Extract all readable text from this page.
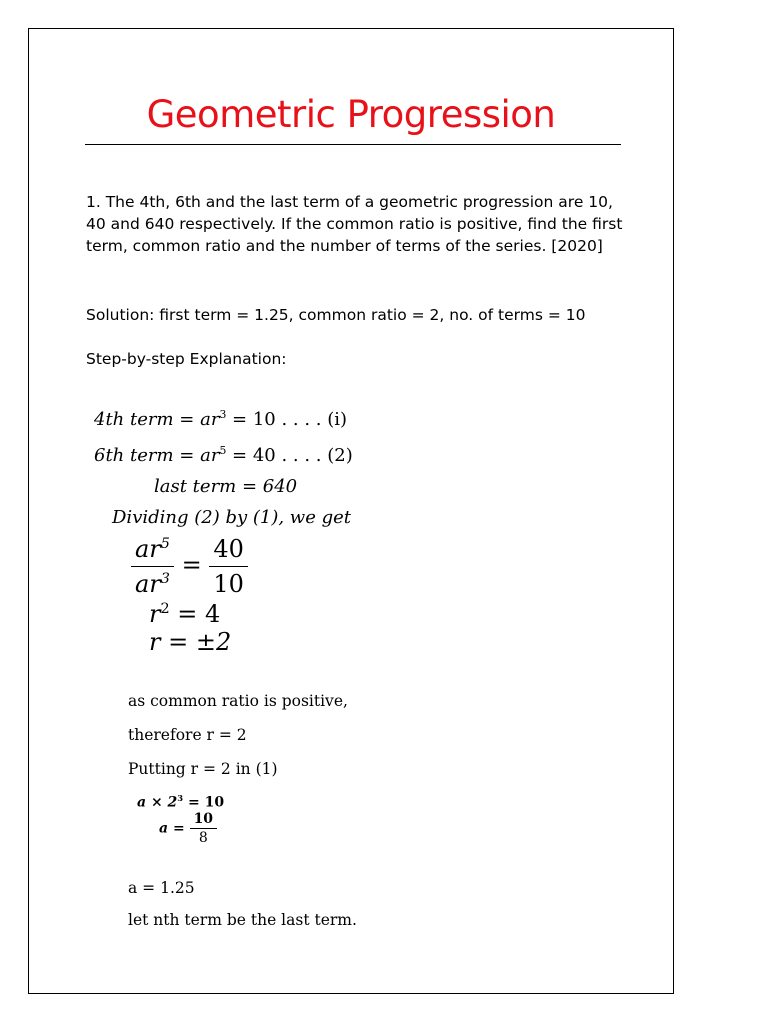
Geometric Progression
1. The 4th, 6th and the last term of a geometric progression are 10, 40 and 640 respectively. If the common ratio is positive, find the first term, common ratio and the number of terms of the series. [2020]
Solution: first term = 1.25, common ratio = 2, no. of terms = 10
Step-by-step Explanation:
4th term = $ar^3 = 10$ . . . . (i)
6th term = $ar^5 = 40$ . . . . (2)
last term = 640
Dividing (2) by (1), we get
$\frac{ar^5}{ar^3} = \frac{40}{10}$
$r^2 = 4$
r = ±2
as common ratio is positive,
therefore r = 2
Putting r = 2 in (1)
$a \times 2^3 = 10$
$a = \frac{10}{8}$
a = 1.25
let nth term be the last term.
